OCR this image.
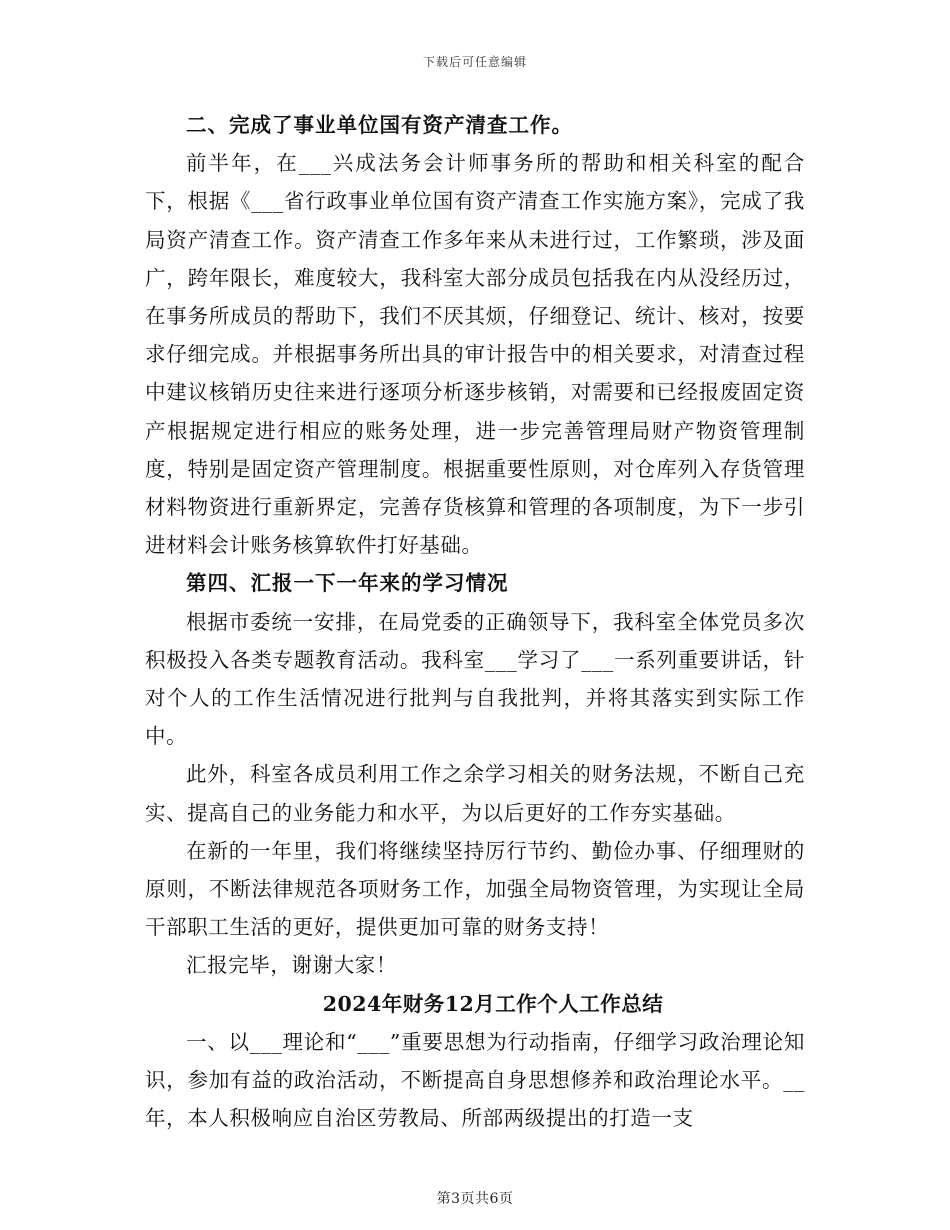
下载后可任意编辑

二、完成了事业单位国有资产清查工作。

前半年，在___兴成法务会计师事务所的帮助和相关科室的配合下，根据《___省行政事业单位国有资产清查工作实施方案》，完成了我局资产清查工作。资产清查工作多年来从未进行过，工作繁琐，涉及面广，跨年限长，难度较大，我科室大部分成员包括我在内从没经历过，在事务所成员的帮助下，我们不厌其烦，仔细登记、统计、核对，按要求仔细完成。并根据事务所出具的审计报告中的相关要求，对清查过程中建议核销历史往来进行逐项分析逐步核销，对需要和已经报废固定资产根据规定进行相应的账务处理，进一步完善管理局财产物资管理制度，特别是固定资产管理制度。根据重要性原则，对仓库列入存货管理材料物资进行重新界定，完善存货核算和管理的各项制度，为下一步引进材料会计账务核算软件打好基础。

第四、汇报一下一年来的学习情况

根据市委统一安排，在局党委的正确领导下，我科室全体党员多次积极投入各类专题教育活动。我科室___学习了___一系列重要讲话，针对个人的工作生活情况进行批判与自我批判，并将其落实到实际工作中。

此外，科室各成员利用工作之余学习相关的财务法规，不断自己充实、提高自己的业务能力和水平，为以后更好的工作夯实基础。

在新的一年里，我们将继续坚持厉行节约、勤俭办事、仔细理财的原则，不断法律规范各项财务工作，加强全局物资管理，为实现让全局干部职工生活的更好，提供更加可靠的财务支持！

汇报完毕，谢谢大家！

2024年财务12月工作个人工作总结

一、以___理论和“___”重要思想为行动指南，仔细学习政治理论知识，参加有益的政治活动，不断提高自身思想修养和政治理论水平。__年，本人积极响应自治区劳教局、所部两级提出的打造一支

第3页共6页
